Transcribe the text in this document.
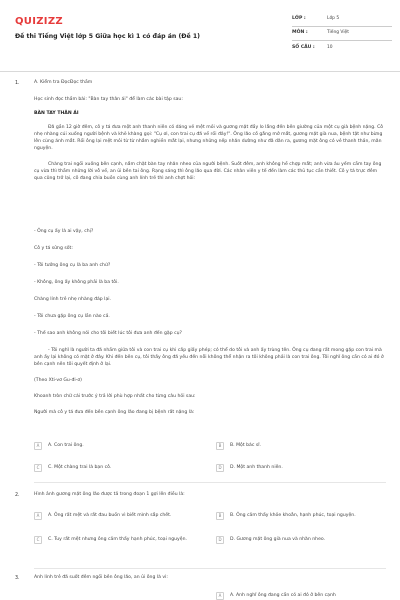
QUIZIZZ
Đề thi Tiếng Việt lớp 5 Giữa học kì 1 có đáp án (Đề 1)
LỚP :	Lớp 5
MÔN :	Tiếng Việt
SỐ CÂU :	10
1.	A. Kiểm tra ĐọcĐọc thầm

Học sinh đọc thầm bài: "Bàn tay thân ái" để làm các bài tập sau:

BÀN TAY THÂN ÁI

Đã gần 12 giờ đêm, cô y tá đưa một anh thanh niên có dáng vẻ mệt mỏi và gương mặt đầy lo lắng đến bên giường của một cụ già bệnh nặng. Cô nhẹ nhàng cúi xuống người bệnh và khẽ khàng gọi: "Cụ ơi, con trai cụ đã về rồi đây!". Ông lão cố gắng mở mắt, gương mặt già nua, bệnh tật như bừng lên cùng ánh mắt. Rồi ông lại mệt mỏi từ từ nhắm nghiền mắt lại, nhưng những nếp nhăn dường như đã dãn ra, gương mặt ông có vẻ thanh thản, mãn nguyện.

Chàng trai ngồi xuống bên cạnh, nắm chặt bàn tay nhăn nheo của người bệnh. Suốt đêm, anh không hề chợp mắt; anh vừa âu yếm cầm tay ông cụ vừa thì thầm những lời vỗ về, an ủi bên tai ông. Rạng sáng thì ông lão qua đời. Các nhân viên y tế đến làm các thủ tục cần thiết. Cô y tá trực đêm qua cũng trở lại, cô đang chia buồn cùng anh lính trẻ thì anh chợt hỏi:

- Ông cụ ấy là ai vậy, chị?

Cô y tá sửng sốt:

- Tôi tưởng ông cụ là ba anh chứ?

- Không, ông ấy không phải là ba tôi.

Chàng lính trẻ nhẹ nhàng đáp lại.

- Tôi chưa gặp ông cụ lần nào cả.

- Thế sao anh không nói cho tôi biết lúc tôi đưa anh đến gặp cụ?

- Tôi nghĩ là người ta đã nhầm giữa tôi và con trai cụ khi cấp giấy phép; có thể do tôi và anh ấy trùng tên. Ông cụ đang rất mong gặp con trai mà anh ấy lại không có mặt ở đây. Khi đến bên cụ, tôi thấy ông đã yếu đến nỗi không thể nhận ra tôi không phải là con trai ông. Tôi nghĩ ông cần có ai đó ở bên cạnh nên tôi quyết định ở lại.

(Theo Xti-vơ Gu-đi-ơ)

Khoanh tròn chữ cái trước ý trả lời phù hợp nhất cho từng câu hỏi sau:

Người mà cô y tá đưa đến bên cạnh ông lão đang bị bệnh rất nặng là:

A	A. Con trai ông.	B	B. Một bác sĩ.
C	C. Một chàng trai là bạn cô.	D	D. Một anh thanh niên.
2.	Hình ảnh gương mặt ông lão được tả trong đoạn 1 gợi lên điều là:

A	A. Ông rất mệt và rất đau buồn vì biết mình sắp chết.	B	B. Ông cảm thấy khỏe khoắn, hạnh phúc, toại nguyện.
C	C. Tuy rất mệt nhưng ông cảm thấy hạnh phúc, toại nguyện.	D	D. Gương mặt ông già nua và nhăn nheo.
3.	Anh lính trẻ đã suốt đêm ngồi bên ông lão, an ủi ông là vì:

A	A. Anh nghĩ ông đang cần có ai đó ở bên cạnh
